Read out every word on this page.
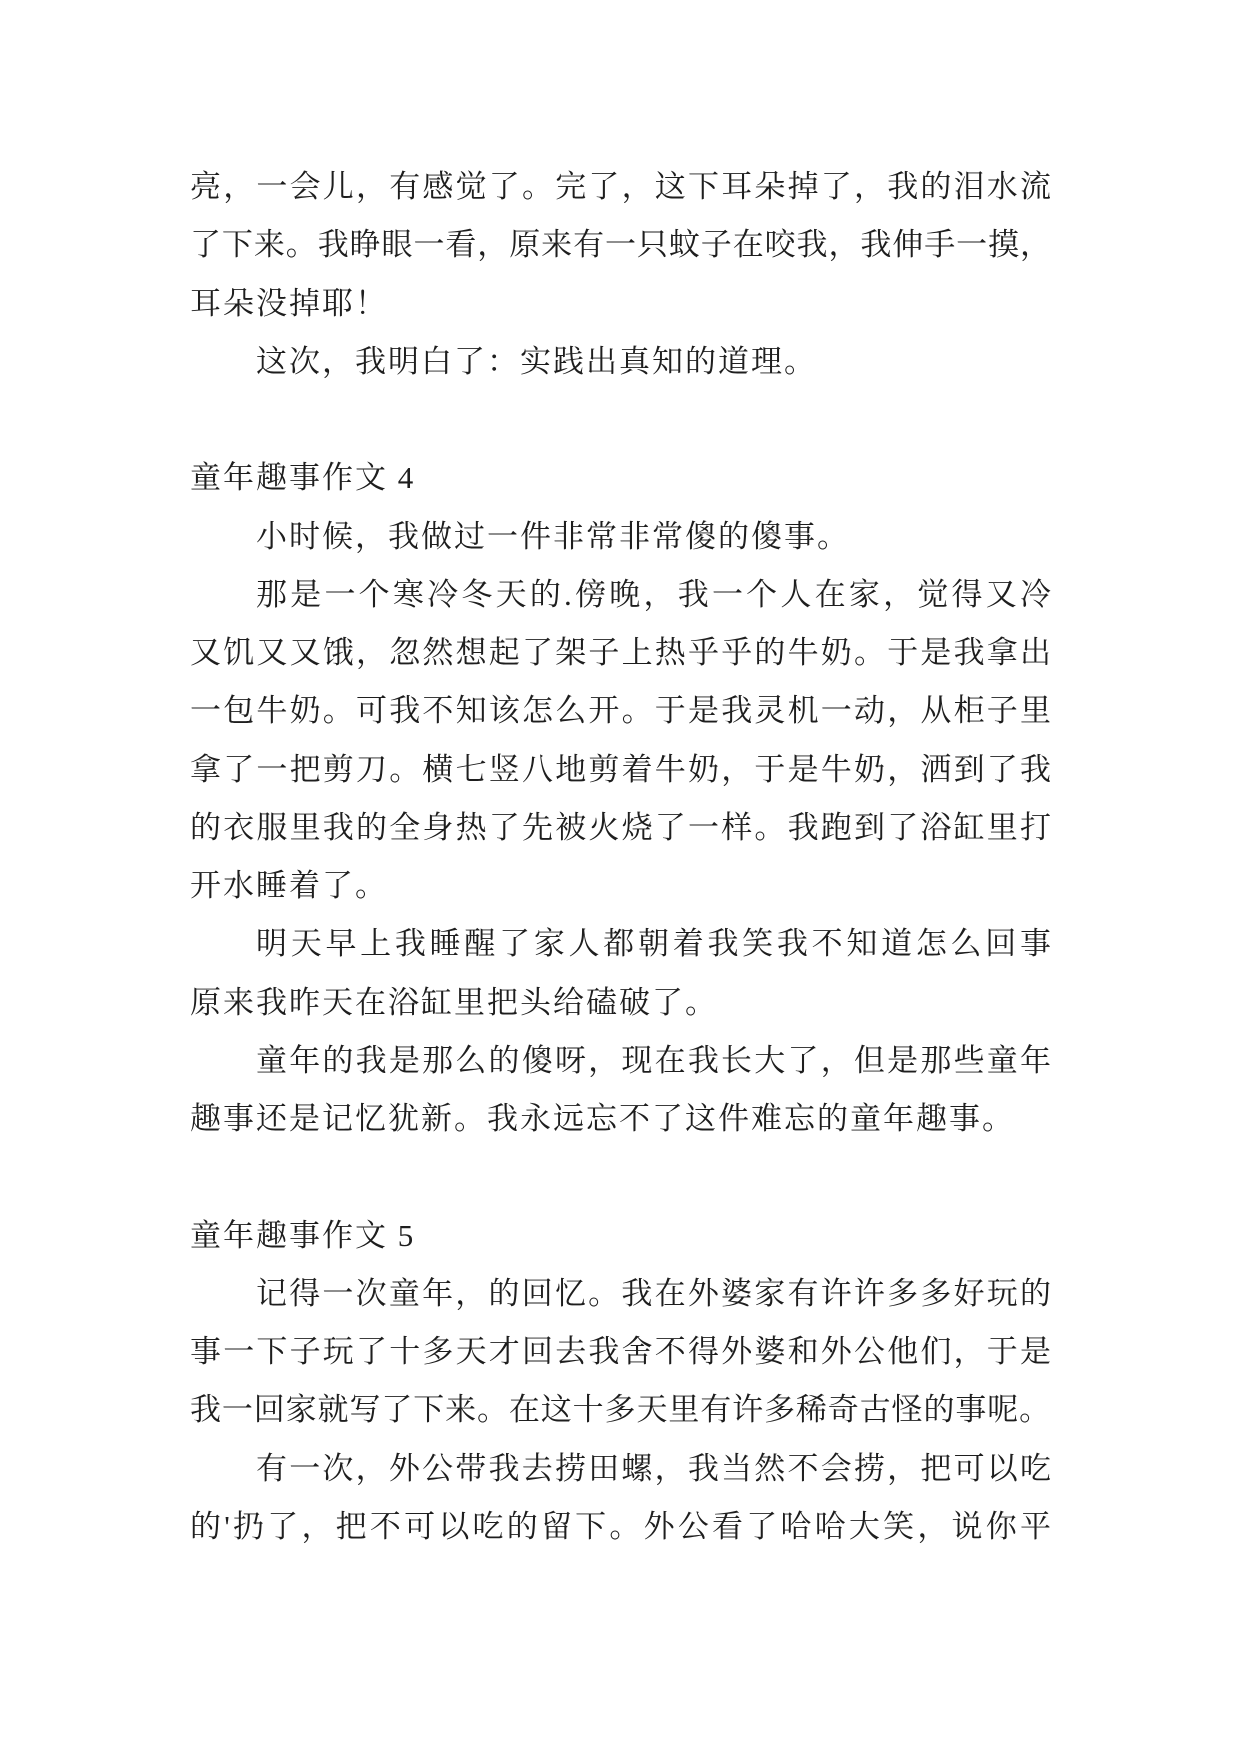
亮，一会儿，有感觉了。完了，这下耳朵掉了，我的泪水流
了下来。我睁眼一看，原来有一只蚊子在咬我，我伸手一摸，
耳朵没掉耶！
这次，我明白了：实践出真知的道理。
童年趣事作文 4
小时候，我做过一件非常非常傻的傻事。
那是一个寒冷冬天的.傍晚，我一个人在家，觉得又冷
又饥又又饿，忽然想起了架子上热乎乎的牛奶。于是我拿出
一包牛奶。可我不知该怎么开。于是我灵机一动，从柜子里
拿了一把剪刀。横七竖八地剪着牛奶，于是牛奶，洒到了我
的衣服里我的全身热了先被火烧了一样。我跑到了浴缸里打
开水睡着了。
明天早上我睡醒了家人都朝着我笑我不知道怎么回事
原来我昨天在浴缸里把头给磕破了。
童年的我是那么的傻呀，现在我长大了，但是那些童年
趣事还是记忆犹新。我永远忘不了这件难忘的童年趣事。
童年趣事作文 5
记得一次童年，的回忆。我在外婆家有许许多多好玩的
事一下子玩了十多天才回去我舍不得外婆和外公他们，于是
我一回家就写了下来。在这十多天里有许多稀奇古怪的事呢。
有一次，外公带我去捞田螺，我当然不会捞，把可以吃
的'扔了，把不可以吃的留下。外公看了哈哈大笑，说你平
